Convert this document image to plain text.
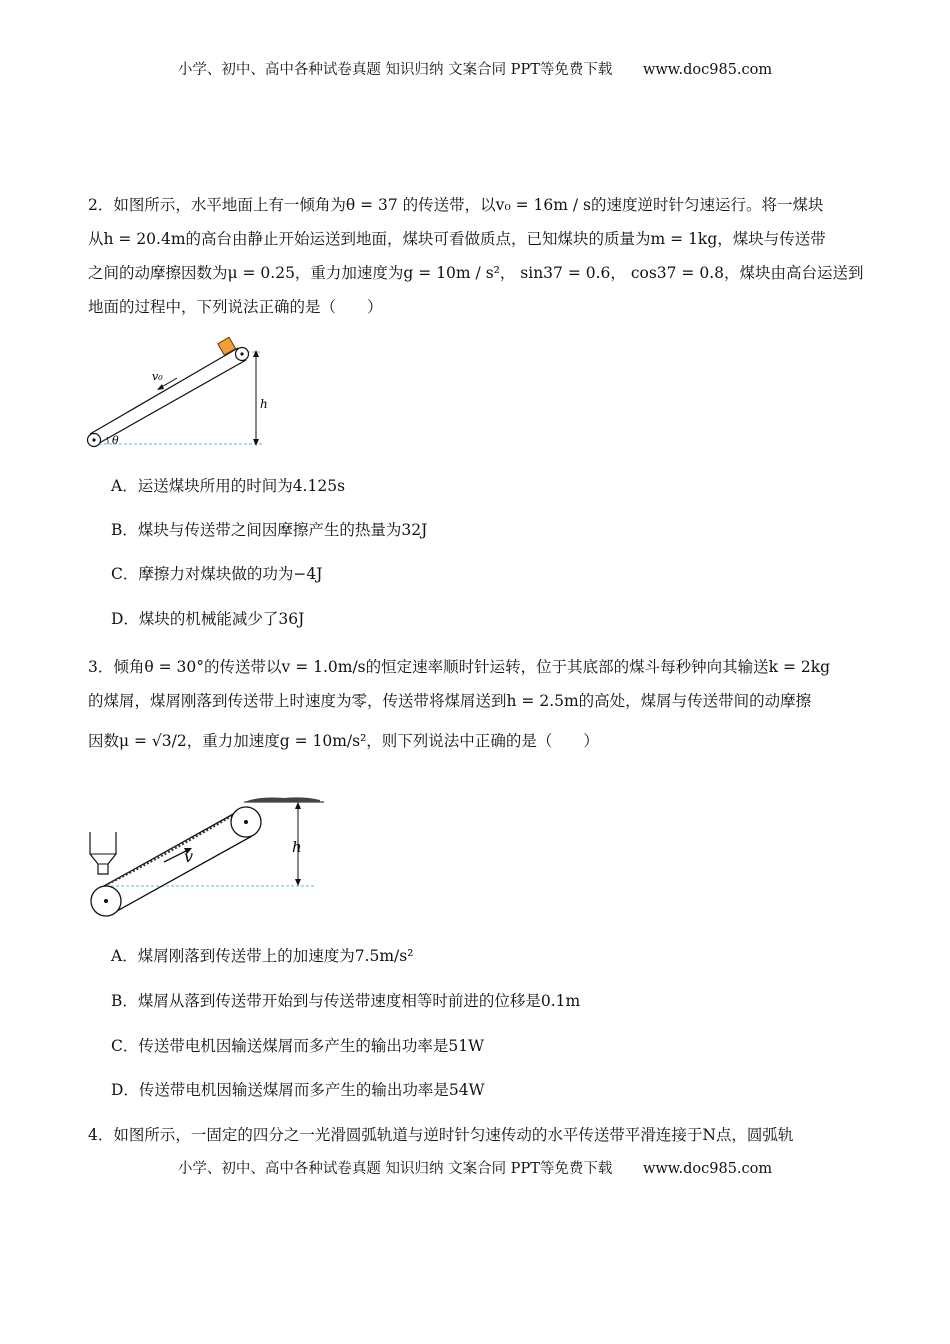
小学、初中、高中各种试卷真题 知识归纳 文案合同 PPT等免费下载 www.doc985.com
2．如图所示，水平地面上有一倾角为θ = 37 的传送带，以v₀ = 16m / s的速度逆时针匀速运行。将一煤块
从h = 20.4m的高台由静止开始运送到地面，煤块可看做质点，已知煤块的质量为m = 1kg，煤块与传送带
之间的动摩擦因数为μ = 0.25，重力加速度为g = 10m / s²， sin37 = 0.6， cos37 = 0.8，煤块由高台运送到
地面的过程中，下列说法正确的是（　　）
v₀
h
θ
A．运送煤块所用的时间为4.125s
B．煤块与传送带之间因摩擦产生的热量为32J
C．摩擦力对煤块做的功为−4J
D．煤块的机械能减少了36J
3．倾角θ = 30°的传送带以v = 1.0m/s的恒定速率顺时针运转，位于其底部的煤斗每秒钟向其输送k = 2kg
的煤屑，煤屑刚落到传送带上时速度为零，传送带将煤屑送到h = 2.5m的高处，煤屑与传送带间的动摩擦
因数μ = √3/2，重力加速度g = 10m/s²，则下列说法中正确的是（　　）
h
v
A．煤屑刚落到传送带上的加速度为7.5m/s²
B．煤屑从落到传送带开始到与传送带速度相等时前进的位移是0.1m
C．传送带电机因输送煤屑而多产生的输出功率是51W
D．传送带电机因输送煤屑而多产生的输出功率是54W
4．如图所示，一固定的四分之一光滑圆弧轨道与逆时针匀速传动的水平传送带平滑连接于N点，圆弧轨
小学、初中、高中各种试卷真题 知识归纳 文案合同 PPT等免费下载 www.doc985.com
